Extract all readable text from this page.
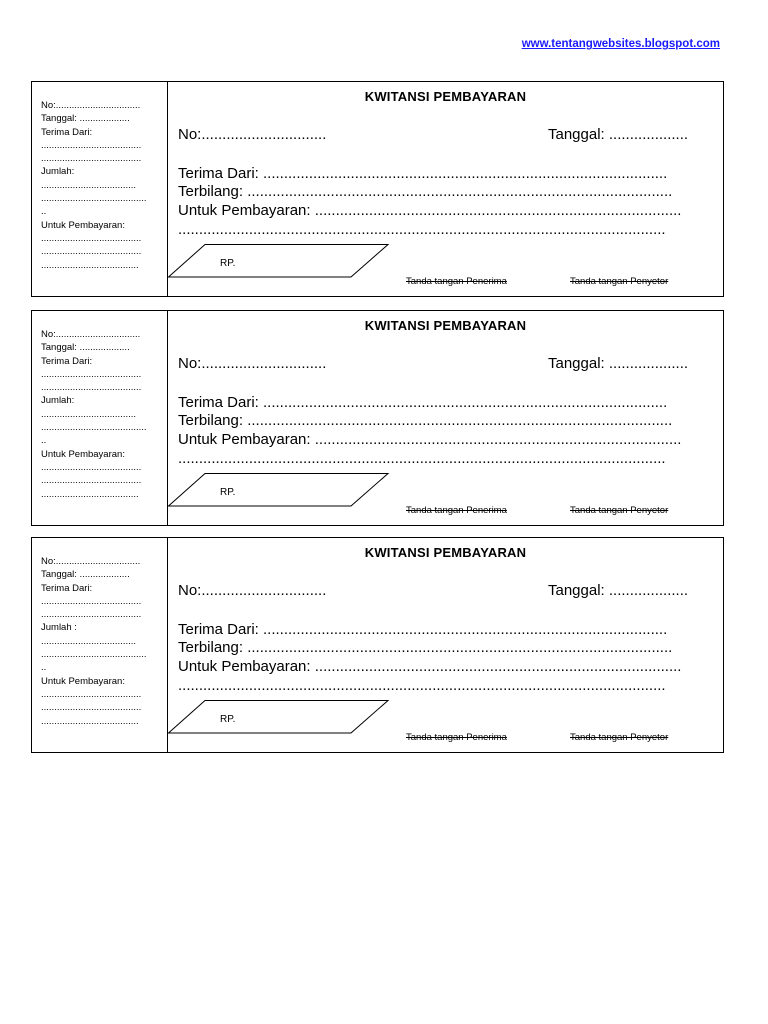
www.tentangwebsites.blogspot.com
No:................................
Tanggal: ...................
Terima Dari:
......................................
......................................
Jumlah:
....................................
........................................
..
Untuk Pembayaran:
......................................
......................................
.....................................
KWITANSI PEMBAYARAN
No:..............................	Tanggal: ...................
Terima Dari: .................................................................................................
Terbilang: ......................................................................................................
Untuk Pembayaran: ........................................................................................
.....................................................................................................................
RP.
Tanda tangan Penerima	Tanda tangan Penyetor
No:................................
Tanggal: ...................
Terima Dari:
......................................
......................................
Jumlah:
....................................
........................................
..
Untuk Pembayaran:
......................................
......................................
.....................................
KWITANSI PEMBAYARAN
No:..............................	Tanggal: ...................
Terima Dari: .................................................................................................
Terbilang: ......................................................................................................
Untuk Pembayaran: ........................................................................................
.....................................................................................................................
RP.
Tanda tangan Penerima	Tanda tangan Penyetor
No:................................
Tanggal: ...................
Terima Dari:
......................................
......................................
Jumlah :
....................................
........................................
..
Untuk Pembayaran:
......................................
......................................
.....................................
KWITANSI PEMBAYARAN
No:..............................	Tanggal: ...................
Terima Dari: .................................................................................................
Terbilang: ......................................................................................................
Untuk Pembayaran: ........................................................................................
.....................................................................................................................
RP.
Tanda tangan Penerima	Tanda tangan Penyetor
